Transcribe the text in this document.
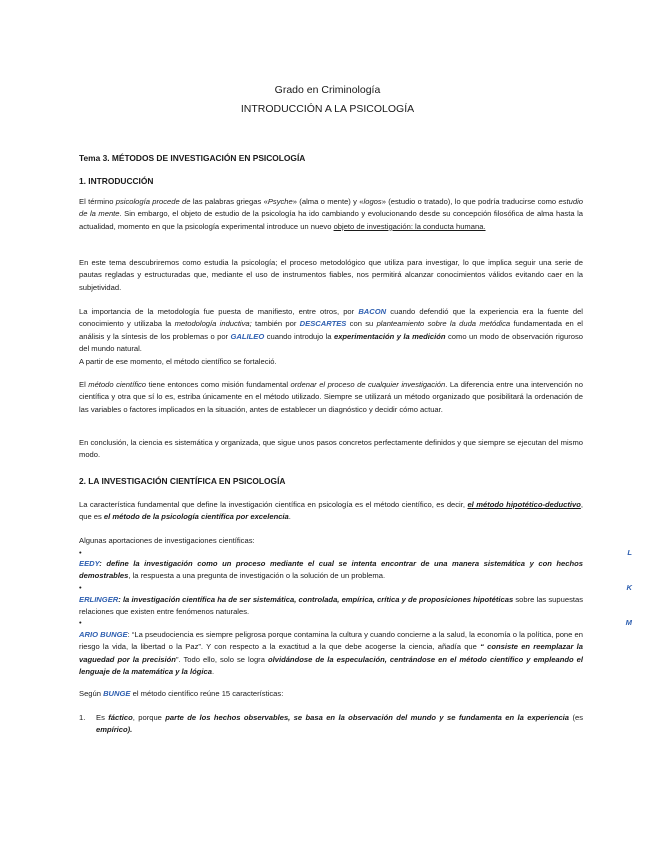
Grado en Criminología
INTRODUCCIÓN A LA PSICOLOGÍA
Tema 3. MÉTODOS DE INVESTIGACIÓN EN PSICOLOGÍA
1. INTRODUCCIÓN
El término psicología procede de las palabras griegas «Psyche» (alma o mente) y «logos» (estudio o tratado), lo que podría traducirse como estudio de la mente. Sin embargo, el objeto de estudio de la psicología ha ido cambiando y evolucionando desde su concepción filosófica de alma hasta la actualidad, momento en que la psicología experimental introduce un nuevo objeto de investigación: la conducta humana.
En este tema descubriremos como estudia la psicología; el proceso metodológico que utiliza para investigar, lo que implica seguir una serie de pautas regladas y estructuradas que, mediante el uso de instrumentos fiables, nos permitirá alcanzar conocimientos válidos evitando caer en la subjetividad.
La importancia de la metodología fue puesta de manifiesto, entre otros, por BACON cuando defendió que la experiencia era la fuente del conocimiento y utilizaba la metodología inductiva; también por DESCARTES con su planteamiento sobre la duda metódica fundamentada en el análisis y la síntesis de los problemas o por GALILEO cuando introdujo la experimentación y la medición como un modo de observación riguroso del mundo natural.
A partir de ese momento, el método científico se fortaleció.
El método científico tiene entonces como misión fundamental ordenar el proceso de cualquier investigación. La diferencia entre una intervención no científica y otra que sí lo es, estriba únicamente en el método utilizado. Siempre se utilizará un método organizado que posibilitará la ordenación de las variables o factores implicados en la situación, antes de establecer un diagnóstico y decidir cómo actuar.
En conclusión, la ciencia es sistemática y organizada, que sigue unos pasos concretos perfectamente definidos y que siempre se ejecutan del mismo modo.
2. LA INVESTIGACIÓN CIENTÍFICA EN PSICOLOGÍA
La característica fundamental que define la investigación científica en psicología es el método científico, es decir, el método hipotético-deductivo, que es el método de la psicología científica por excelencia.
Algunas aportaciones de investigaciones científicas:
•	L
EEDY: define la investigación como un proceso mediante el cual se intenta encontrar de una manera sistemática y con hechos demostrables, la respuesta a una pregunta de investigación o la solución de un problema.
•	K
ERLINGER: la investigación científica ha de ser sistemática, controlada, empírica, crítica y de proposiciones hipotéticas sobre las supuestas relaciones que existen entre fenómenos naturales.
•	M
ARIO BUNGE: “La pseudociencia es siempre peligrosa porque contamina la cultura y cuando concierne a la salud, la economía o la política, pone en riesgo la vida, la libertad o la Paz”. Y con respecto a la exactitud a la que debe acogerse la ciencia, añadía que “ consiste en reemplazar la vaguedad por la precisión”. Todo ello, solo se logra olvidándose de la especulación, centrándose en el método científico y empleando el lenguaje de la matemática y la lógica.
Según BUNGE el método científico reúne 15 características:
1. Es fáctico, porque parte de los hechos observables, se basa en la observación del mundo y se fundamenta en la experiencia (es empírico).
